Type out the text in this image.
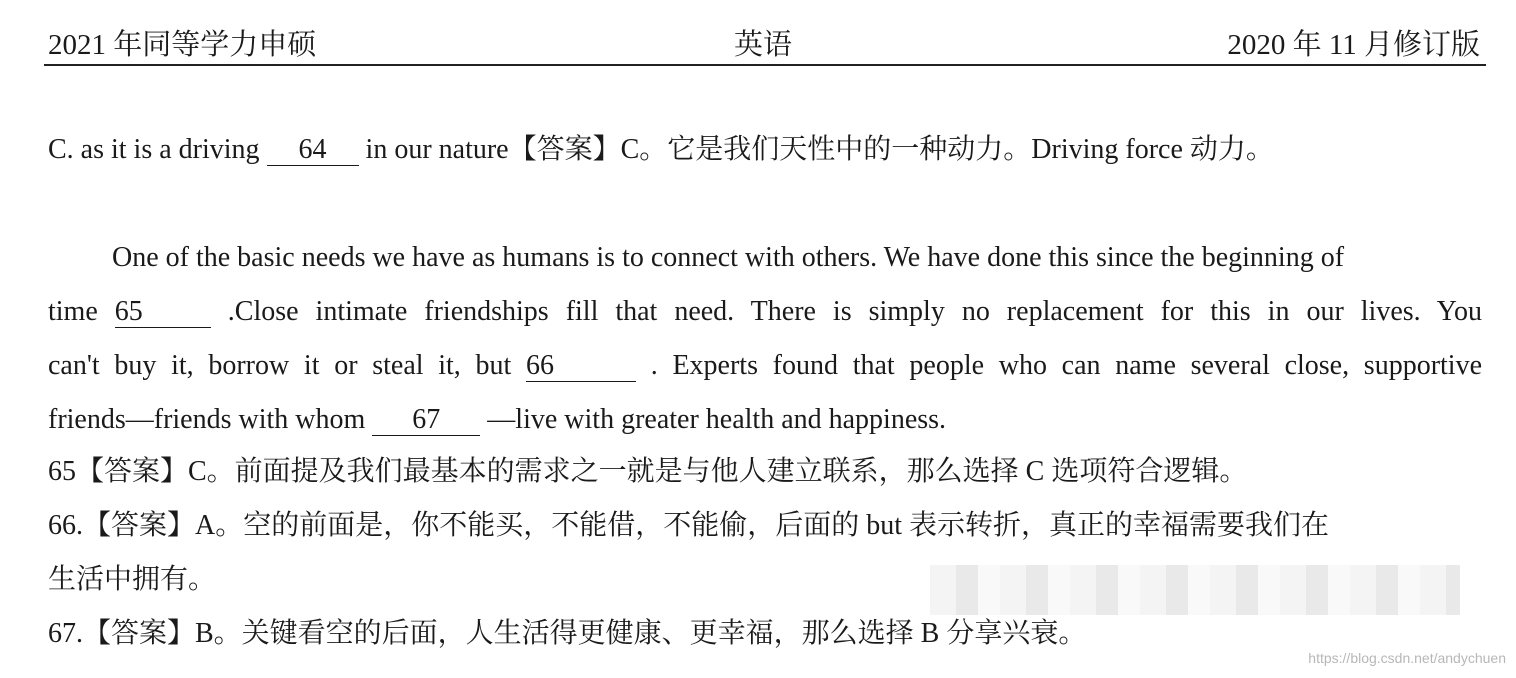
2021 年同等学力申硕	英语	2020 年 11 月修订版
C. as it is a driving 64 in our nature【答案】C。它是我们天性中的一种动力。Driving force 动力。
One of the basic needs we have as humans is to connect with others. We have done this since the beginning of
time 65	.Close intimate friendships fill that need. There is simply no replacement for this in our lives. You
can't buy it, borrow it or steal it, but 66	. Experts found that people who can name several close, supportive
friends—friends with whom 67 —live with greater health and happiness.
65【答案】C。前面提及我们最基本的需求之一就是与他人建立联系，那么选择 C 选项符合逻辑。
66.【答案】A。空的前面是，你不能买，不能借，不能偷，后面的 but 表示转折，真正的幸福需要我们在
生活中拥有。
67.【答案】B。关键看空的后面，人生活得更健康、更幸福，那么选择 B 分享兴衰。
https://blog.csdn.net/andychuen
